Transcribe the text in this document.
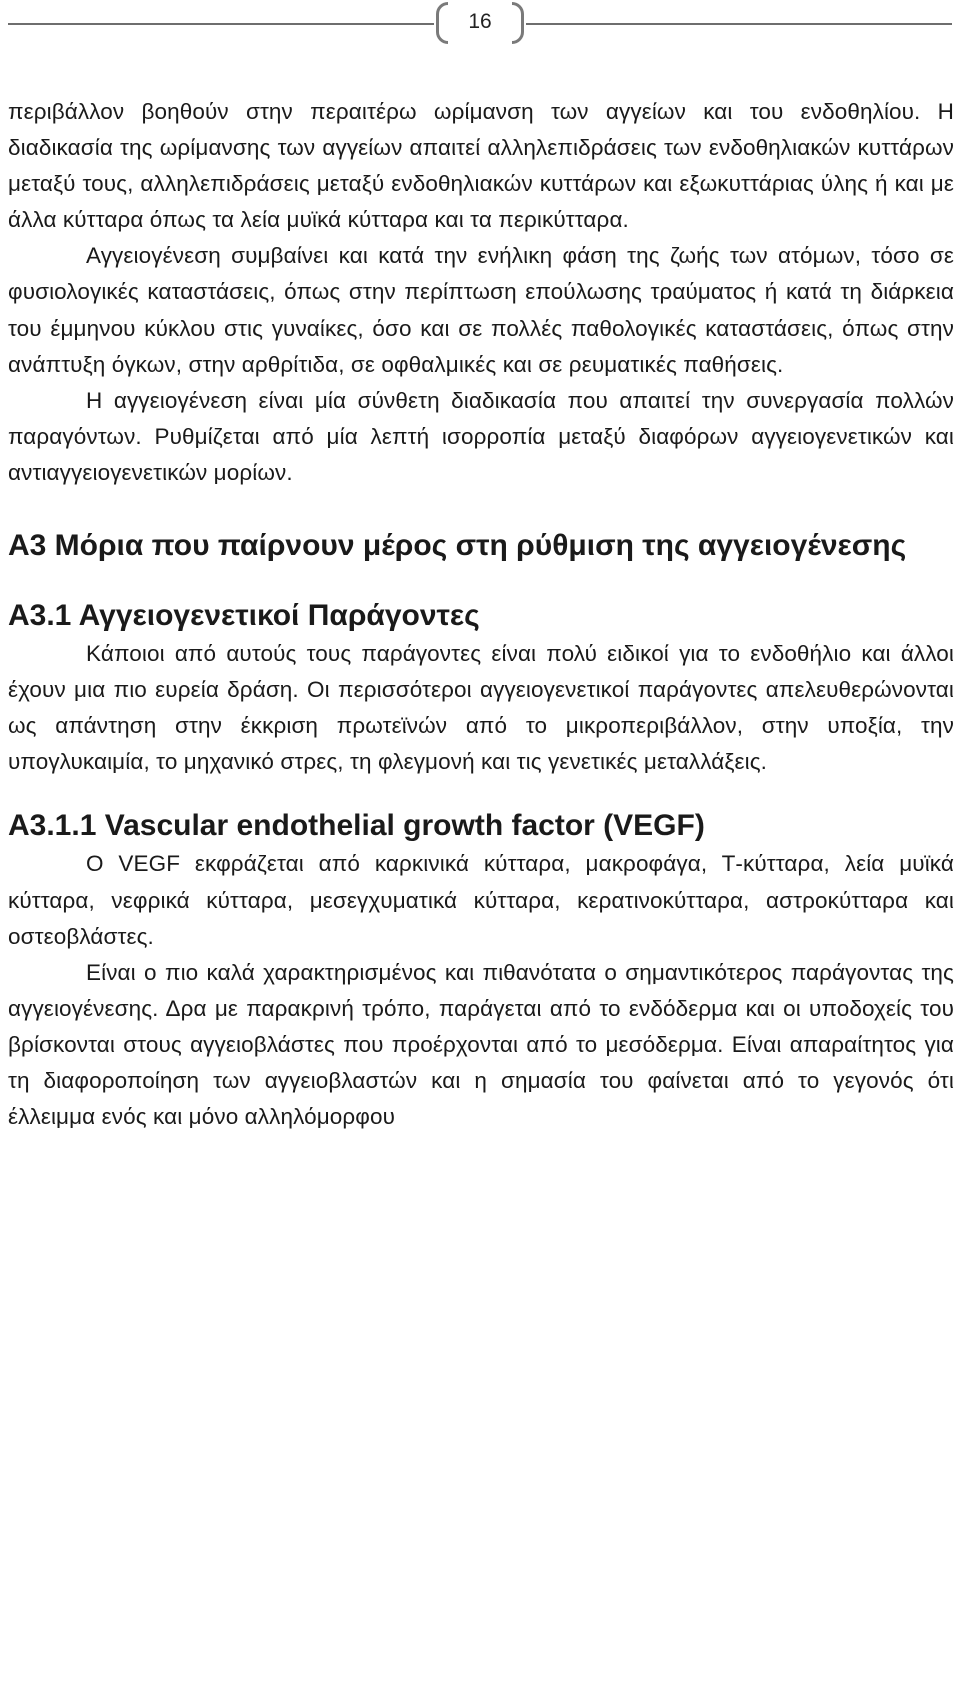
16

περιβάλλον βοηθούν στην περαιτέρω ωρίμανση των αγγείων και του ενδοθηλίου. Η διαδικασία της ωρίμανσης των αγγείων απαιτεί αλληλεπιδράσεις των ενδοθηλιακών κυττάρων μεταξύ τους, αλληλεπιδράσεις μεταξύ ενδοθηλιακών κυττάρων και εξωκυττάριας ύλης ή και με άλλα κύτταρα όπως τα λεία μυϊκά κύτταρα και τα περικύτταρα.

Αγγειογένεση συμβαίνει και κατά την ενήλικη φάση της ζωής των ατόμων, τόσο σε φυσιολογικές καταστάσεις, όπως στην περίπτωση επούλωσης τραύματος ή κατά τη διάρκεια του έμμηνου κύκλου στις γυναίκες, όσο και σε πολλές παθολογικές καταστάσεις, όπως στην ανάπτυξη όγκων, στην αρθρίτιδα, σε οφθαλμικές και σε ρευματικές παθήσεις.

Η αγγειογένεση είναι μία σύνθετη διαδικασία που απαιτεί την συνεργασία πολλών παραγόντων. Ρυθμίζεται από μία λεπτή ισορροπία μεταξύ διαφόρων αγγειογενετικών και αντιαγγειογενετικών μορίων.

Α3 Μόρια που παίρνουν μέρος στη ρύθμιση της αγγειογένεσης
Α3.1 Αγγειογενετικοί Παράγοντες

Κάποιοι από αυτούς τους παράγοντες είναι πολύ ειδικοί για το ενδοθήλιο και άλλοι έχουν μια πιο ευρεία δράση. Οι περισσότεροι αγγειογενετικοί παράγοντες απελευθερώνονται ως απάντηση στην έκκριση πρωτεϊνών από το μικροπεριβάλλον, στην υποξία, την υπογλυκαιμία, το μηχανικό στρες, τη φλεγμονή και τις γενετικές μεταλλάξεις.

Α3.1.1 Vascular endothelial growth factor (VEGF)

Ο VEGF εκφράζεται από καρκινικά κύτταρα, μακροφάγα, Τ-κύτταρα, λεία μυϊκά κύτταρα, νεφρικά κύτταρα, μεσεγχυματικά κύτταρα, κερατινοκύτταρα, αστροκύτταρα και οστεοβλάστες.

Είναι ο πιο καλά χαρακτηρισμένος και πιθανότατα ο σημαντικότερος παράγοντας της αγγειογένεσης. Δρα με παρακρινή τρόπο, παράγεται από το ενδόδερμα και οι υποδοχείς του βρίσκονται στους αγγειοβλάστες που προέρχονται από το μεσόδερμα. Είναι απαραίτητος για τη διαφοροποίηση των αγγειοβλαστών και η σημασία του φαίνεται από το γεγονός ότι έλλειμμα ενός και μόνο αλληλόμορφου
